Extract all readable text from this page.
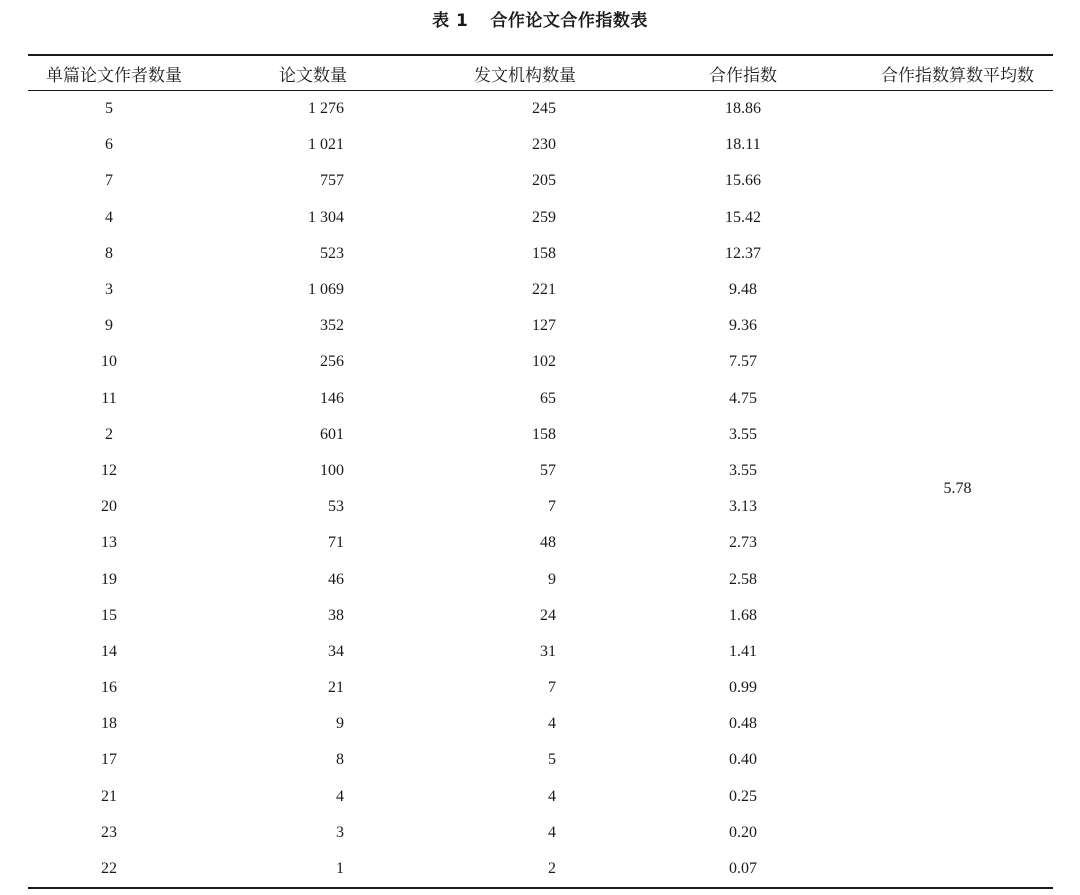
表 1 合作论文合作指数表
单篇论文作者数量	论文数量	发文机构数量	合作指数	合作指数算数平均数
5	1 276	245	18.86	5.78
6	1 021	230	18.11	
7	757	205	15.66	
4	1 304	259	15.42	
8	523	158	12.37	
3	1 069	221	9.48	
9	352	127	9.36	
10	256	102	7.57	
11	146	65	4.75	
2	601	158	3.55	
12	100	57	3.55	
20	53	7	3.13	
13	71	48	2.73	
19	46	9	2.58	
15	38	24	1.68	
14	34	31	1.41	
16	21	7	0.99	
18	9	4	0.48	
17	8	5	0.40	
21	4	4	0.25	
23	3	4	0.20	
22	1	2	0.07	
